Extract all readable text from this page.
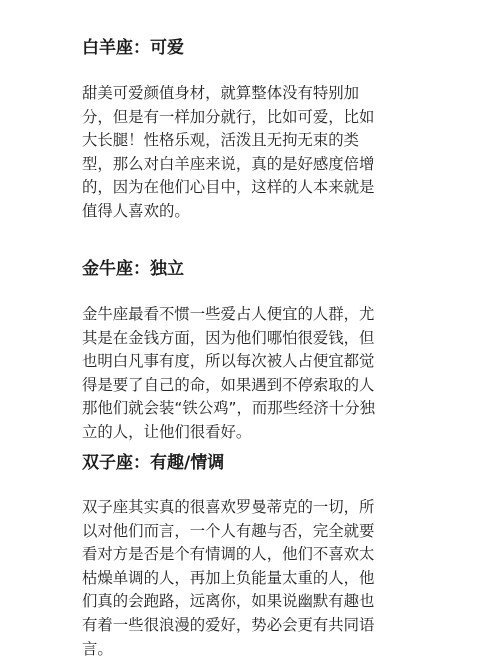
白羊座：可爱

甜美可爱颜值身材，就算整体没有特别加
分，但是有一样加分就行，比如可爱，比如
大长腿！性格乐观，活泼且无拘无束的类
型，那么对白羊座来说，真的是好感度倍增
的，因为在他们心目中，这样的人本来就是
值得人喜欢的。

金牛座：独立

金牛座最看不惯一些爱占人便宜的人群，尤
其是在金钱方面，因为他们哪怕很爱钱，但
也明白凡事有度，所以每次被人占便宜都觉
得是要了自己的命，如果遇到不停索取的人
那他们就会装“铁公鸡”，而那些经济十分独
立的人，让他们很看好。

双子座：有趣/情调

双子座其实真的很喜欢罗曼蒂克的一切，所
以对他们而言，一个人有趣与否，完全就要
看对方是否是个有情调的人，他们不喜欢太
枯燥单调的人，再加上负能量太重的人，他
们真的会跑路，远离你，如果说幽默有趣也
有着一些很浪漫的爱好，势必会更有共同语
言。
